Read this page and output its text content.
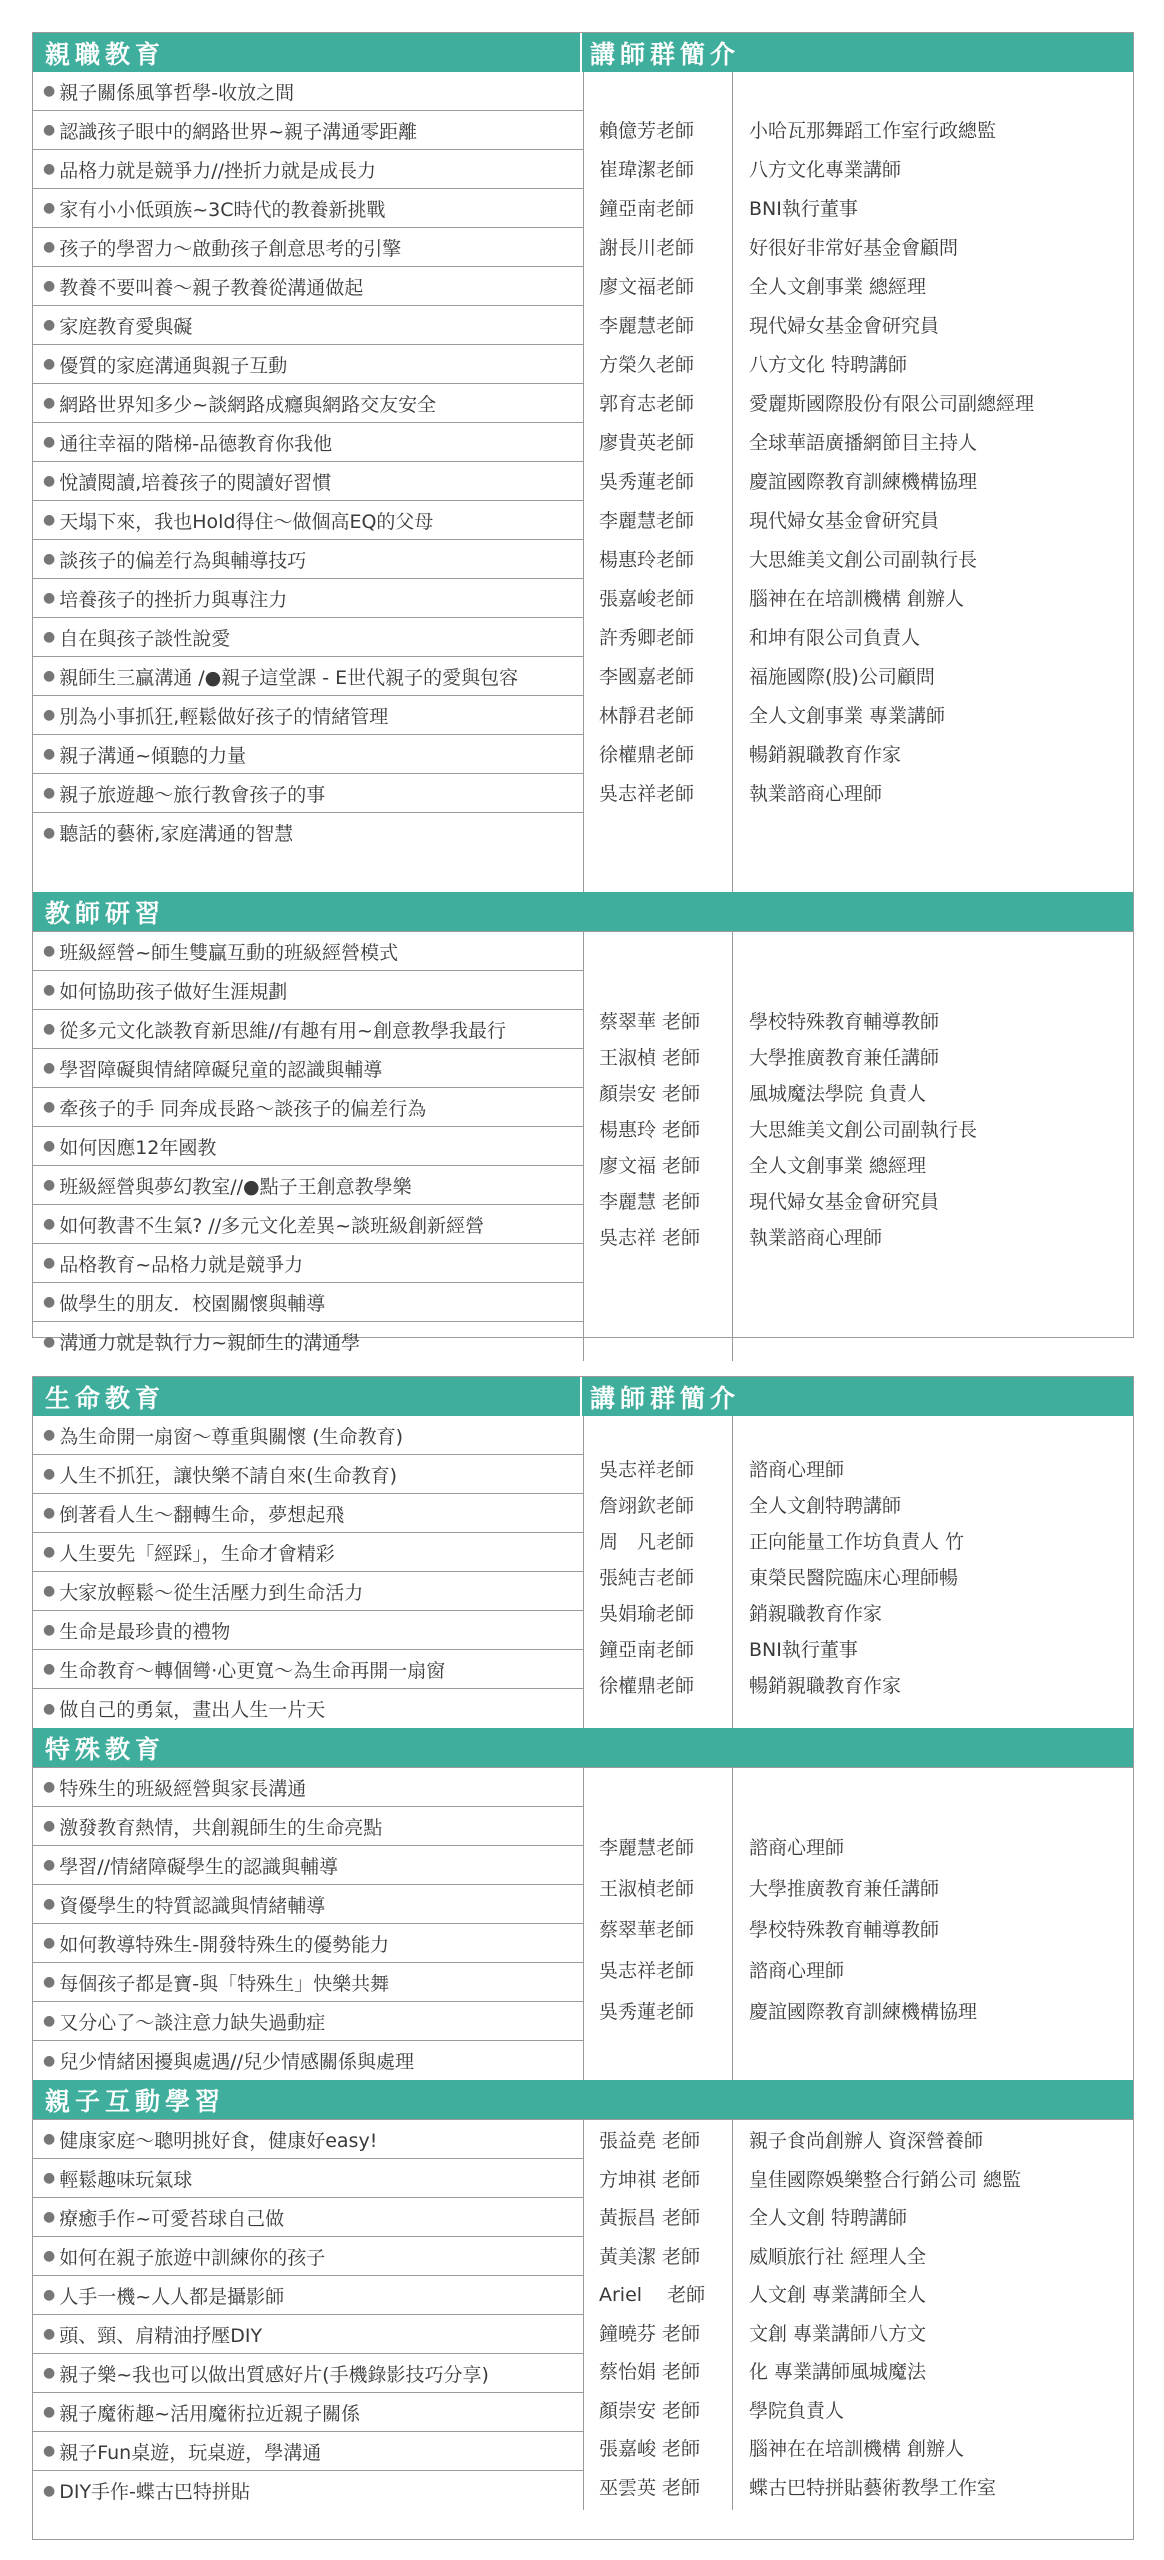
親職教育	講師群簡介
● 親子關係風箏哲學-收放之間
● 認識孩子眼中的網路世界~親子溝通零距離
● 品格力就是競爭力//挫折力就是成長力
● 家有小小低頭族~3C時代的教養新挑戰
● 孩子的學習力～啟動孩子創意思考的引擎
● 教養不要叫養～親子教養從溝通做起
● 家庭教育愛與礙
● 優質的家庭溝通與親子互動
● 網路世界知多少~談網路成癮與網路交友安全
● 通往幸福的階梯-品德教育你我他
● 悅讀閱讀,培養孩子的閱讀好習慣
● 天塌下來，我也Hold得住～做個高EQ的父母
● 談孩子的偏差行為與輔導技巧
● 培養孩子的挫折力與專注力
● 自在與孩子談性說愛
● 親師生三贏溝通 /●親子這堂課 - E世代親子的愛與包容
● 別為小事抓狂,輕鬆做好孩子的情緒管理
● 親子溝通~傾聽的力量
● 親子旅遊趣～旅行教會孩子的事
● 聽話的藝術,家庭溝通的智慧
賴億芳老師
崔瑋潔老師
鐘亞南老師
謝長川老師
廖文福老師
李麗慧老師
方榮久老師
郭育志老師
廖貴英老師
吳秀蓮老師
李麗慧老師
楊惠玲老師
張嘉峻老師
許秀卿老師
李國嘉老師
林靜君老師
徐權鼎老師
吳志祥老師
小哈瓦那舞蹈工作室行政總監
八方文化專業講師
BNI執行董事
好很好非常好基金會顧問
全人文創事業 總經理
現代婦女基金會研究員
八方文化 特聘講師
愛麗斯國際股份有限公司副總經理
全球華語廣播網節目主持人
慶誼國際教育訓練機構協理
現代婦女基金會研究員
大思維美文創公司副執行長
腦神在在培訓機構 創辦人
和坤有限公司負責人
福施國際(股)公司顧問
全人文創事業 專業講師
暢銷親職教育作家
執業諮商心理師
教師研習
● 班級經營~師生雙贏互動的班級經營模式
● 如何協助孩子做好生涯規劃
● 從多元文化談教育新思維//有趣有用~創意教學我最行
● 學習障礙與情緒障礙兒童的認識與輔導
● 牽孩子的手 同奔成長路～談孩子的偏差行為
● 如何因應12年國教
● 班級經營與夢幻教室//●點子王創意教學樂
● 如何教書不生氣? //多元文化差異~談班級創新經營
● 品格教育~品格力就是競爭力
● 做學生的朋友．校園關懷與輔導
● 溝通力就是執行力~親師生的溝通學
蔡翠華 老師
王淑楨 老師
顏崇安 老師
楊惠玲 老師
廖文福 老師
李麗慧 老師
吳志祥 老師
學校特殊教育輔導教師
大學推廣教育兼任講師
風城魔法學院 負責人
大思維美文創公司副執行長
全人文創事業 總經理
現代婦女基金會研究員
執業諮商心理師
生命教育	講師群簡介
● 為生命開一扇窗～尊重與關懷 (生命教育)
● 人生不抓狂，讓快樂不請自來(生命教育)
● 倒著看人生～翻轉生命，夢想起飛
● 人生要先「經踩」，生命才會精彩
● 大家放輕鬆～從生活壓力到生命活力
● 生命是最珍貴的禮物
● 生命教育～轉個彎‧心更寬～為生命再開一扇窗
● 做自己的勇氣，畫出人生一片天
吳志祥老師
詹翊欽老師
周　凡老師
張純吉老師
吳娟瑜老師
鐘亞南老師
徐權鼎老師
諮商心理師
全人文創特聘講師
正向能量工作坊負責人 竹
東榮民醫院臨床心理師暢
銷親職教育作家
BNI執行董事
暢銷親職教育作家
特殊教育
● 特殊生的班級經營與家長溝通
● 激發教育熱情，共創親師生的生命亮點
● 學習//情緒障礙學生的認識與輔導
● 資優學生的特質認識與情緒輔導
● 如何教導特殊生-開發特殊生的優勢能力
● 每個孩子都是寶-與「特殊生」快樂共舞
● 又分心了～談注意力缺失過動症
● 兒少情緒困擾與處遇//兒少情感關係與處理
李麗慧老師
王淑楨老師
蔡翠華老師
吳志祥老師
吳秀蓮老師
諮商心理師
大學推廣教育兼任講師
學校特殊教育輔導教師
諮商心理師
慶誼國際教育訓練機構協理
親子互動學習
● 健康家庭～聰明挑好食，健康好easy!
● 輕鬆趣味玩氣球
● 療癒手作~可愛苔球自己做
● 如何在親子旅遊中訓練你的孩子
● 人手一機~人人都是攝影師
● 頭、頸、肩精油抒壓DIY
● 親子樂~我也可以做出質感好片(手機錄影技巧分享)
● 親子魔術趣~活用魔術拉近親子關係
● 親子Fun桌遊，玩桌遊，學溝通
● DIY手作-蝶古巴特拼貼
張益堯 老師
方坤祺 老師
黃振昌 老師
黃美潔 老師
Ariel　 老師
鐘曉芬 老師
蔡怡娟 老師
顏崇安 老師
張嘉峻 老師
巫雲英 老師
親子食尚創辦人 資深營養師
皇佳國際娛樂整合行銷公司 總監
全人文創 特聘講師
威順旅行社 經理人全
人文創 專業講師全人
文創 專業講師八方文
化 專業講師風城魔法
學院負責人
腦神在在培訓機構 創辦人
蝶古巴特拼貼藝術教學工作室
